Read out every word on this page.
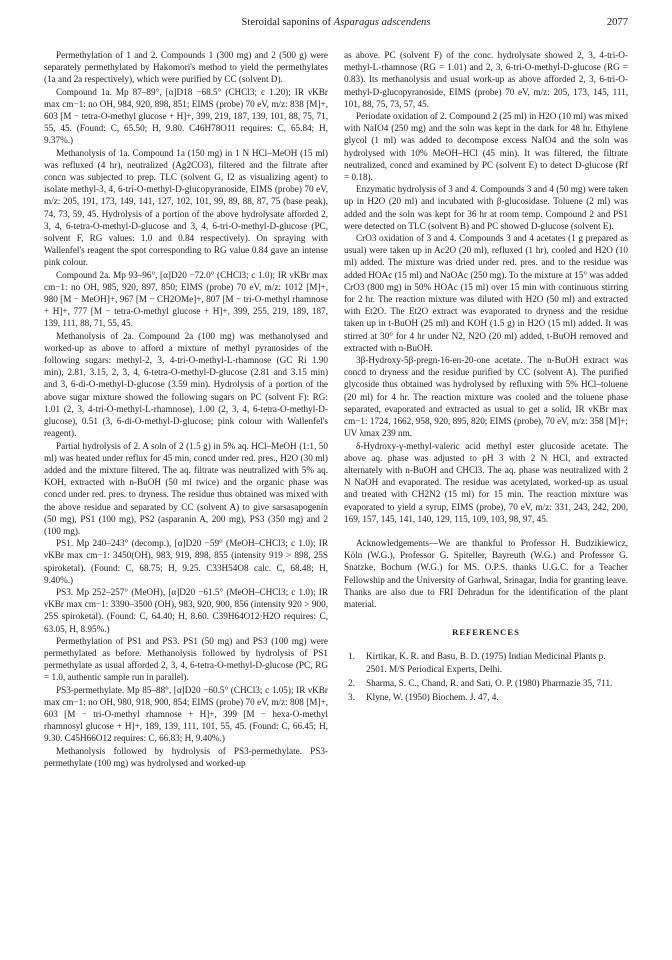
Steroidal saponins of Asparagus adscendens	2077

Permethylation of 1 and 2. Compounds 1 (300 mg) and 2 (500 g) were separately permethylated by Hakomori's method to yield the permethylates (1a and 2a respectively), which were purified by CC (solvent D).

Compound 1a. Mp 87–89°, [α]D18 −68.5° (CHCl3; c 1.20); IR νKBr max cm−1: no OH, 984, 920, 898, 851; EIMS (probe) 70 eV, m/z: 838 [M]+, 603 [M − tetra-O-methyl glucose + H]+, 399, 219, 187, 139, 101, 88, 75, 71, 55, 45. (Found: C, 65.50; H, 9.80. C46H78O11 requires: C, 65.84; H, 9.37%.)

Methanolysis of 1a. Compound 1a (150 mg) in 1 N HCl–MeOH (15 ml) was refluxed (4 hr), neutralized (Ag2CO3), filtered and the filtrate after concn was subjected to prep. TLC (solvent G, I2 as visualizing agent) to isolate methyl-3, 4, 6-tri-O-methyl-D-glucopyranoside, EIMS (probe) 70 eV, m/z: 205, 191, 173, 149, 141, 127, 102, 101, 99, 89, 88, 87, 75 (base peak), 74, 73, 59, 45. Hydrolysis of a portion of the above hydrolysate afforded 2, 3, 4, 6-tetra-O-methyl-D-glucose and 3, 4, 6-tri-O-methyl-D-glucose (PC, solvent F, RG values: 1.0 and 0.84 respectively). On spraying with Wallenfel's reagent the spot corresponding to RG value 0.84 gave an intense pink colour.

Compound 2a. Mp 93–96°, [α]D20 −72.0° (CHCl3; c 1.0); IR νKBr max cm−1: no OH, 985, 920, 897, 850; EIMS (probe) 70 eV, m/z: 1012 [M]+, 980 [M − MeOH]+, 967 [M − CH2OMe]+, 807 [M − tri-O-methyl rhamnose + H]+, 777 [M − tetra-O-methyl glucose + H]+, 399, 255, 219, 189, 187, 139, 111, 88, 71, 55, 45.

Methanolysis of 2a. Compound 2a (100 mg) was methanolysed and worked-up as above to afford a mixture of methyl pyranosides of the following sugars: methyl-2, 3, 4-tri-O-methyl-L-rhamnose (GC Ri 1.90 min), 2.81, 3.15, 2, 3, 4, 6-tetra-O-methyl-D-glucose (2.81 and 3.15 min) and 3, 6-di-O-methyl-D-glucose (3.59 min). Hydrolysis of a portion of the above sugar mixture showed the following sugars on PC (solvent F): RG: 1.01 (2, 3, 4-tri-O-methyl-L-rhamnose), 1.00 (2, 3, 4, 6-tetra-O-methyl-D-glucose), 0.51 (3, 6-di-O-methyl-D-glucose; pink colour with Wallenfel's reagent).

Partial hydrolysis of 2. A soln of 2 (1.5 g) in 5% aq. HCl–MeOH (1:1, 50 ml) was heated under reflux for 45 min, concd under red. pres., H2O (30 ml) added and the mixture filtered. The aq. filtrate was neutralized with 5% aq. KOH, extracted with n-BuOH (50 ml twice) and the organic phase was concd under red. pres. to dryness. The residue thus obtained was mixed with the above residue and separated by CC (solvent A) to give sarsasapogenin (50 mg), PS1 (100 mg), PS2 (asparanin A, 200 mg), PS3 (350 mg) and 2 (100 mg).

PS1. Mp 240–243° (decomp.), [α]D20 −59° (MeOH–CHCl3; c 1.0); IR νKBr max cm−1: 3450(OH), 983, 919, 898, 855 (intensity 919 > 898, 25S spiroketal). (Found: C, 68.75; H, 9.25. C33H54O8 calc. C, 68.48; H, 9.40%.)

PS3. Mp 252–257° (MeOH), [α]D20 −61.5° (MeOH–CHCl3; c 1.0); IR νKBr max cm−1: 3390–3500 (OH), 983, 920, 900, 856 (intensity 920 > 900, 25S spiroketal). (Found: C, 64.40; H, 8.60. C39H64O12·H2O requires: C, 63.05, H, 8.95%.)

Permethylation of PS1 and PS3. PS1 (50 mg) and PS3 (100 mg) were permethylated as before. Methanolysis followed by hydrolysis of PS1 permethylate as usual afforded 2, 3, 4, 6-tetra-O-methyl-D-glucose (PC, RG = 1.0, authentic sample run in parallel).

PS3-permethylate. Mp 85–88°, [α]D20 −60.5° (CHCl3; c 1.05); IR νKBr max cm−1: no OH, 980, 918, 900, 854; EIMS (probe) 70 eV, m/z: 808 [M]+, 603 [M − tri-O-methyl rhamnose + H]+, 399 [M − hexa-O-methyl rhamnosyl glucose + H]+, 189, 139, 111, 101, 55, 45. (Found: C, 66.45; H, 9.30. C45H66O12 requires: C, 66.83; H, 9.40%.)

Methanolysis followed by hydrolysis of PS3-permethylate. PS3-permethylate (100 mg) was hydrolysed and worked-up

as above. PC (solvent F) of the conc. hydrolysate showed 2, 3, 4-tri-O-methyl-L-rhamnose (RG = 1.01) and 2, 3, 6-tri-O-methyl-D-glucose (RG = 0.83). Its methanolysis and usual work-up as above afforded 2, 3, 6-tri-O-methyl-D-glucopyranoside, EIMS (probe) 70 eV, m/z: 205, 173, 145, 111, 101, 88, 75, 73, 57, 45.

Periodate oxidation of 2. Compound 2 (25 ml) in H2O (10 ml) was mixed with NaIO4 (250 mg) and the soln was kept in the dark for 48 hr. Ethylene glycol (1 ml) was added to decompose excess NaIO4 and the soln was hydrolysed with 10% MeOH–HCl (45 min). It was filtered, the filtrate neutralized, concd and examined by PC (solvent E) to detect D-glucose (Rf = 0.18).

Enzymatic hydrolysis of 3 and 4. Compounds 3 and 4 (50 mg) were taken up in H2O (20 ml) and incubated with β-glucosidase. Toluene (2 ml) was added and the soln was kept for 36 hr at room temp. Compound 2 and PS1 were detected on TLC (solvent B) and PC showed D-glucose (solvent E).

CrO3 oxidation of 3 and 4. Compounds 3 and 4 acetates (1 g prepared as usual) were taken up in Ac2O (20 ml), refluxed (1 hr), cooled and H2O (10 ml) added. The mixture was dried under red. pres. and to the residue was added HOAc (15 ml) and NaOAc (250 mg). To the mixture at 15° was added CrO3 (800 mg) in 50% HOAc (15 ml) over 15 min with continuous stirring for 2 hr. The reaction mixture was diluted with H2O (50 ml) and extracted with Et2O. The Et2O extract was evaporated to dryness and the residue taken up in t-BuOH (25 ml) and KOH (1.5 g) in H2O (15 ml) added. It was stirred at 30° for 4 hr under N2, N2O (20 ml) added, t-BuOH removed and extracted with n-BuOH.

3β-Hydroxy-5β-pregn-16-en-20-one acetate. The n-BuOH extract was concd to dryness and the residue purified by CC (solvent A). The purified glycoside thus obtained was hydrolysed by refluxing with 5% HCl–toluene (20 ml) for 4 hr. The reaction mixture was cooled and the toluene phase separated, evaporated and extracted as usual to get a solid, IR νKBr max cm−1: 1724, 1662, 958, 920, 895, 820; EIMS (probe), 70 eV, m/z: 358 [M]+; UV λmax 239 nm.

δ-Hydroxy-γ-methyl-valeric acid methyl ester glucoside acetate. The above aq. phase was adjusted to pH 3 with 2 N HCl, and extracted alternately with n-BuOH and CHCl3. The aq. phase was neutralized with 2 N NaOH and evaporated. The residue was acetylated, worked-up as usual and treated with CH2N2 (15 ml) for 15 min. The reaction mixture was evaporated to yield a syrup, EIMS (probe), 70 eV, m/z: 331, 243, 242, 200, 169, 157, 145, 141, 140, 129, 115, 109, 103, 98, 97, 45.

Acknowledgements—We are thankful to Professor H. Budzikiewicz, Köln (W.G.), Professor G. Spiteller, Bayreuth (W.G.) and Professor G. Snatzke, Bochum (W.G.) for MS. O.P.S. thanks U.G.C. for a Teacher Fellowship and the University of Garhwal, Srinagar, India for granting leave. Thanks are also due to FRI Dehradun for the identification of the plant material.

REFERENCES
1. Kirtikar, K. R. and Basu, B. D. (1975) Indian Medicinal Plants p. 2501. M/S Periodical Experts, Delhi.
2. Sharma, S. C., Chand, R. and Sati, O. P. (1980) Pharmazie 35, 711.
3. Klyne, W. (1950) Biochem. J. 47, 4.
